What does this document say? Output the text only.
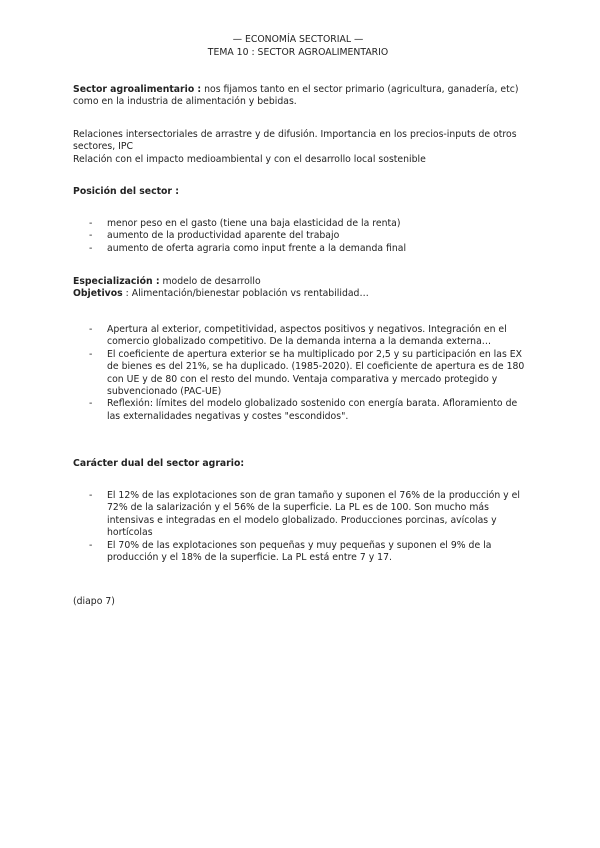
— ECONOMÍA SECTORIAL —
TEMA 10 : SECTOR AGROALIMENTARIO

Sector agroalimentario : nos fijamos tanto en el sector primario (agricultura, ganadería, etc) como en la industria de alimentación y bebidas.

Relaciones intersectoriales de arrastre y de difusión. Importancia en los precios-inputs de otros sectores, IPC

Relación con el impacto medioambiental y con el desarrollo local sostenible

Posición del sector :

- menor peso en el gasto (tiene una baja elasticidad de la renta)
- aumento de la productividad aparente del trabajo
- aumento de oferta agraria como input frente a la demanda final

Especialización : modelo de desarrollo

Objetivos : Alimentación/bienestar población vs rentabilidad…

- Apertura al exterior, competitividad, aspectos positivos y negativos. Integración en el comercio globalizado competitivo. De la demanda interna a la demanda externa…
- El coeficiente de apertura exterior se ha multiplicado por 2,5 y su participación en las EX de bienes es del 21%, se ha duplicado. (1985-2020). El coeficiente de apertura es de 180 con UE y de 80 con el resto del mundo. Ventaja comparativa y mercado protegido y subvencionado (PAC-UE)
- Reflexión: límites del modelo globalizado sostenido con energía barata. Afloramiento de las externalidades negativas y costes "escondidos".

Carácter dual del sector agrario:

- El 12% de las explotaciones son de gran tamaño y suponen el 76% de la producción y el 72% de la salarización y el 56% de la superficie. La PL es de 100. Son mucho más intensivas e integradas en el modelo globalizado. Producciones porcinas, avícolas y hortícolas
- El 70% de las explotaciones son pequeñas y muy pequeñas y suponen el 9% de la producción y el 18% de la superficie. La PL está entre 7 y 17.

(diapo 7)
